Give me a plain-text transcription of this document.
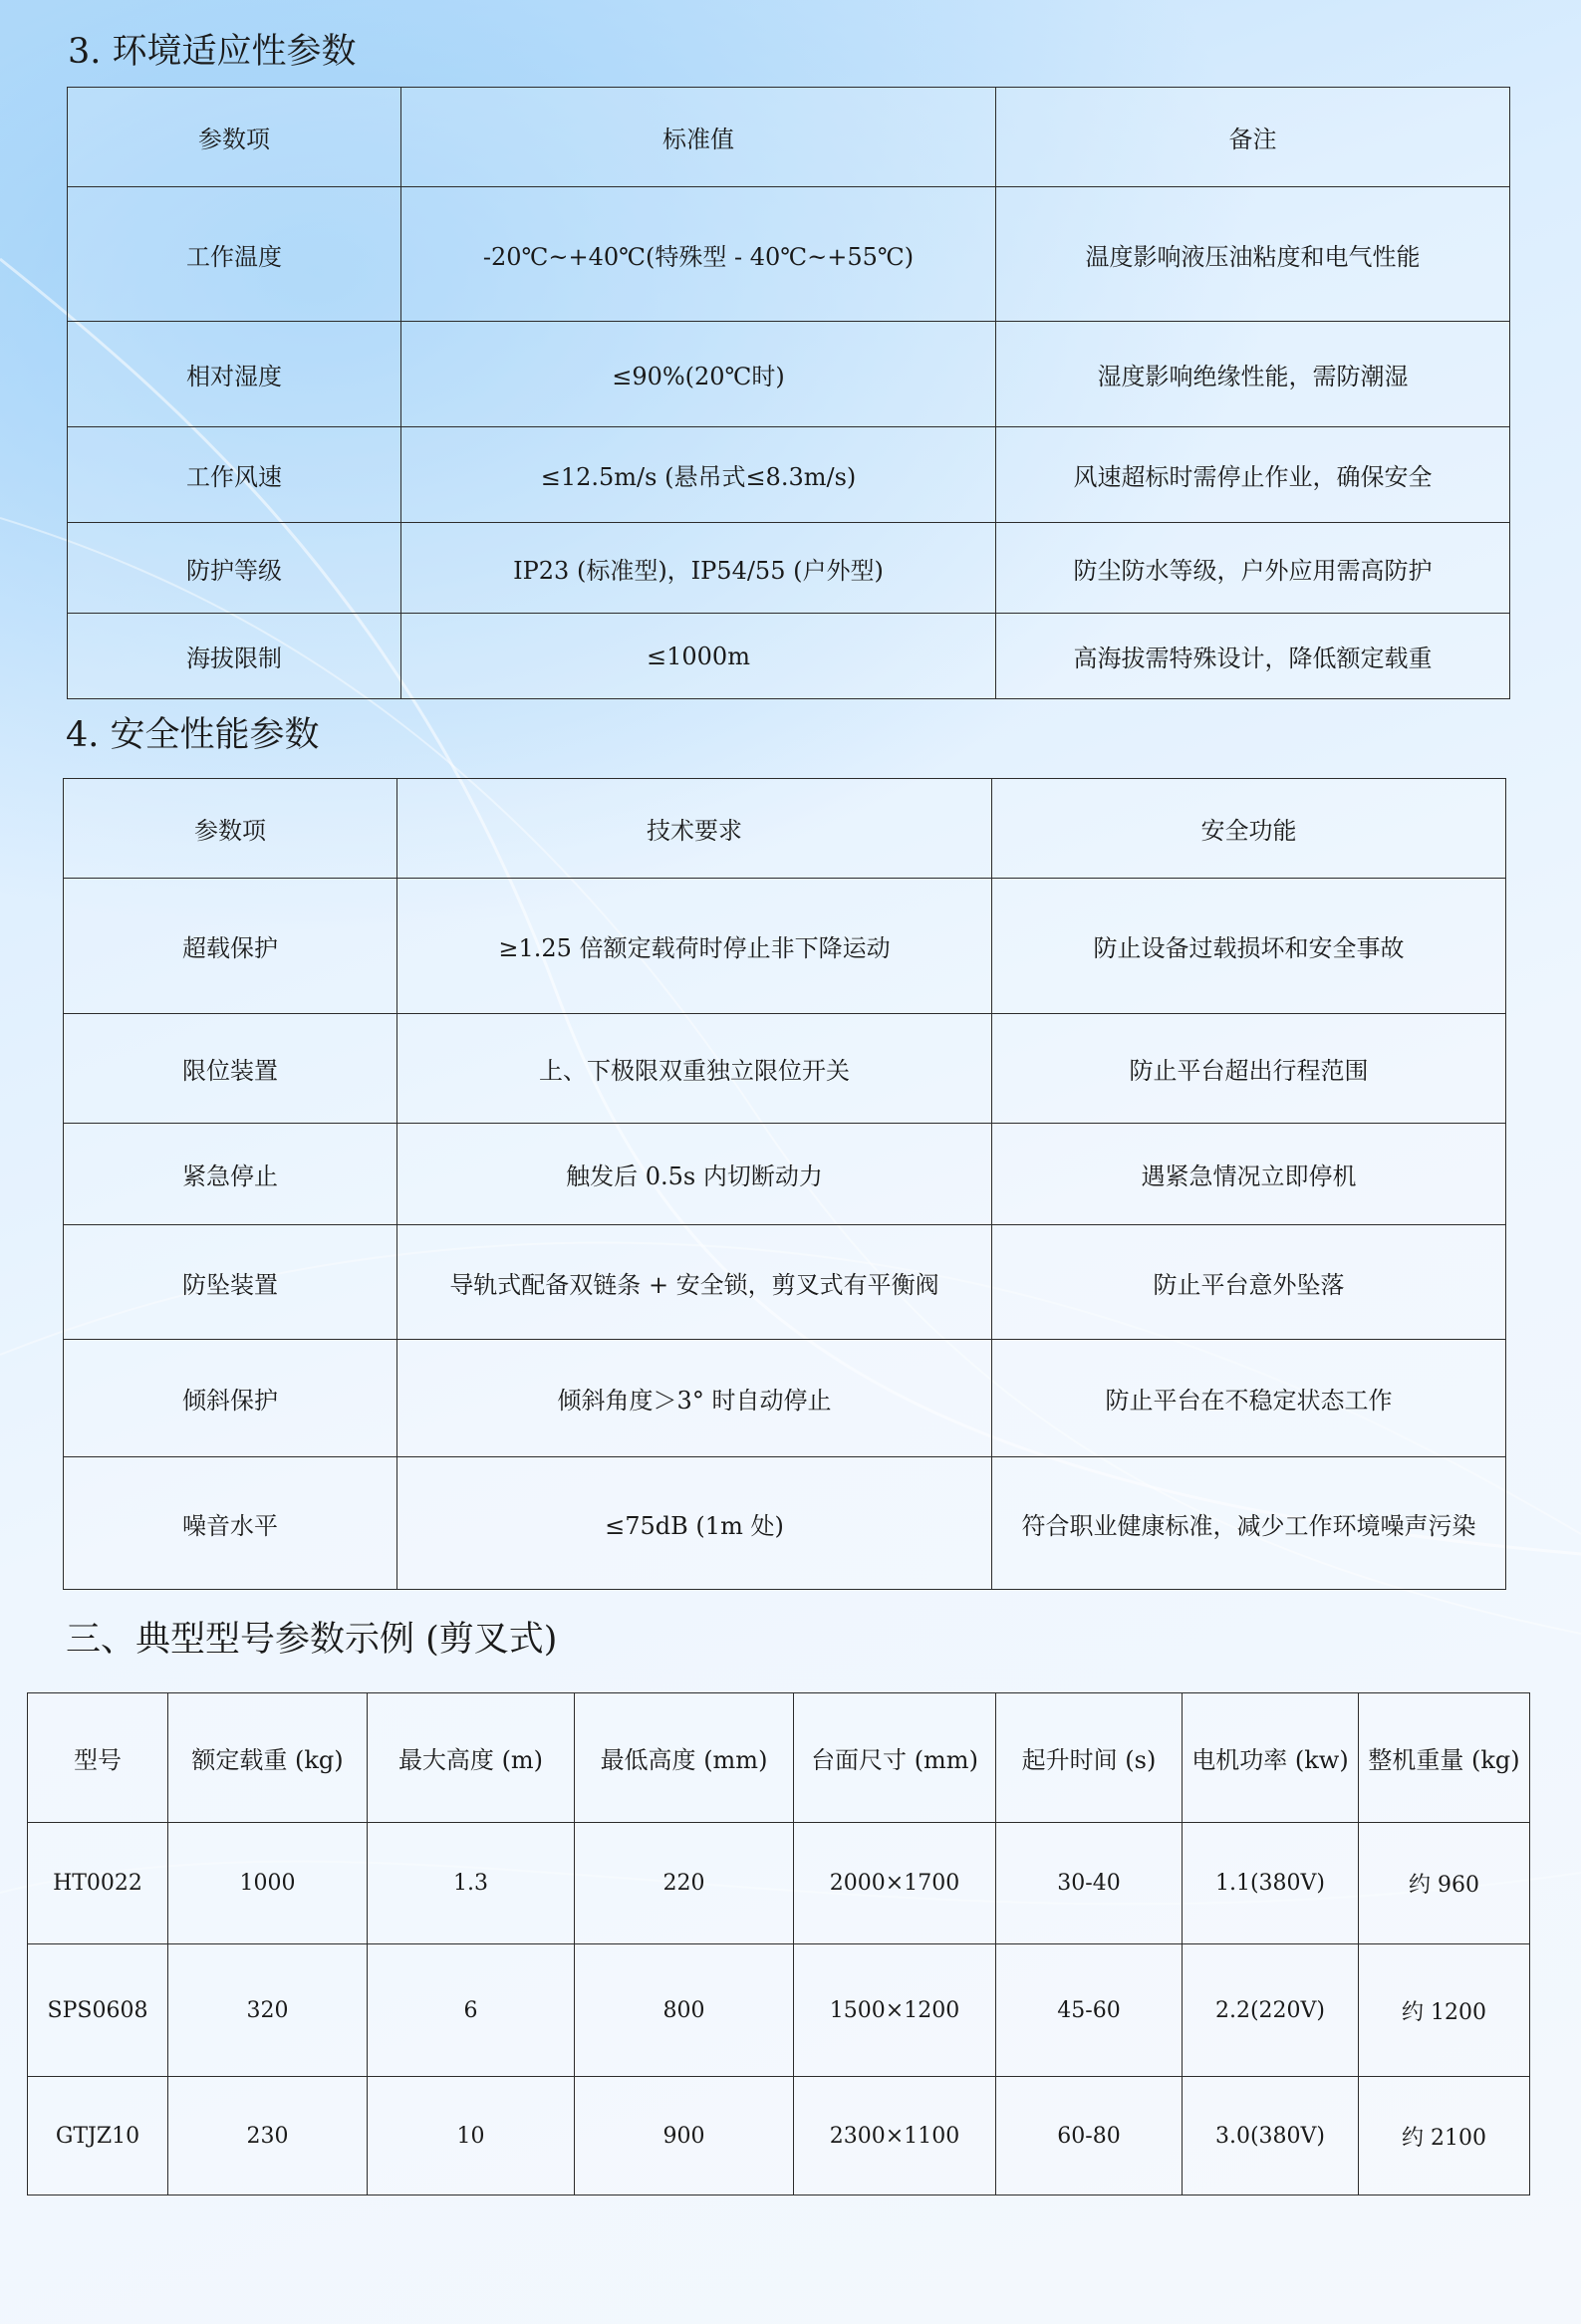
3. 环境适应性参数
参数项	标准值	备注
工作温度	-20℃~+40℃(特殊型 - 40℃~+55℃)	温度影响液压油粘度和电气性能
相对湿度	≤90%(20℃时)	湿度影响绝缘性能，需防潮湿
工作风速	≤12.5m/s (悬吊式≤8.3m/s)	风速超标时需停止作业，确保安全
防护等级	IP23 (标准型)，IP54/55 (户外型)	防尘防水等级，户外应用需高防护
海拔限制	≤1000m	高海拔需特殊设计，降低额定载重
4. 安全性能参数
参数项	技术要求	安全功能
超载保护	≥1.25 倍额定载荷时停止非下降运动	防止设备过载损坏和安全事故
限位装置	上、下极限双重独立限位开关	防止平台超出行程范围
紧急停止	触发后 0.5s 内切断动力	遇紧急情况立即停机
防坠装置	导轨式配备双链条 + 安全锁，剪叉式有平衡阀	防止平台意外坠落
倾斜保护	倾斜角度＞3° 时自动停止	防止平台在不稳定状态工作
噪音水平	≤75dB (1m 处)	符合职业健康标准，减少工作环境噪声污染
三、典型型号参数示例 (剪叉式)
型号	额定载重 (kg)	最大高度 (m)	最低高度 (mm)	台面尺寸 (mm)	起升时间 (s)	电机功率 (kw)	整机重量 (kg)
HT0022	1000	1.3	220	2000×1700	30-40	1.1(380V)	约 960
SPS0608	320	6	800	1500×1200	45-60	2.2(220V)	约 1200
GTJZ10	230	10	900	2300×1100	60-80	3.0(380V)	约 2100
